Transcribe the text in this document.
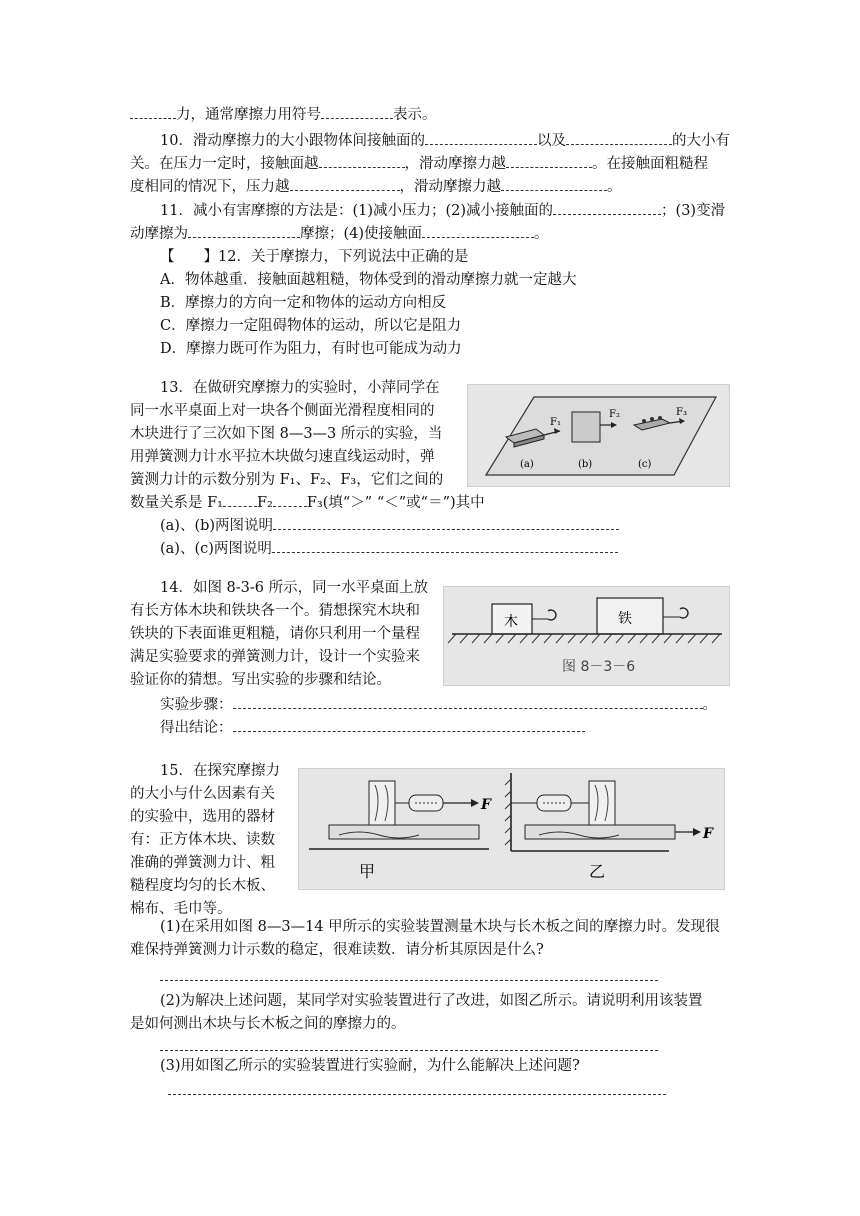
力，通常摩擦力用符号	表示。
10．滑动摩擦力的大小跟物体间接触面的	以及	的大小有
关。在压力一定时，接触面越	，滑动摩擦力越	。在接触面粗糙程
度相同的情况下，压力越	，滑动摩擦力越	。
11．减小有害摩擦的方法是：(1)减小压力；(2)减小接触面的	；(3)变滑
动摩擦为	摩擦；(4)使接触面	。
【　　】12．关于摩擦力，下列说法中正确的是
A．物体越重．接触面越粗糙，物体受到的滑动摩擦力就一定越大
B．摩擦力的方向一定和物体的运动方向相反
C．摩擦力一定阻碍物体的运动，所以它是阻力
D．摩擦力既可作为阻力，有时也可能成为动力
13．在做研究摩擦力的实验时，小萍同学在
同一水平桌面上对一块各个侧面光滑程度相同的
木块进行了三次如下图 8—3—3 所示的实验，当
用弹簧测力计水平拉木块做匀速直线运动时，弹
簧测力计的示数分别为 F₁、F₂、F₃，它们之间的
数量关系是 F₁ F₂ F₃(填“＞” “＜”或“＝”)其中
(a)、(b)两图说明
(a)、(c)两图说明
F₁
F₂	F₃
(a)	(b)	(c)
14．如图 8-3-6 所示，同一水平桌面上放
有长方体木块和铁块各一个。猜想探究木块和
铁块的下表面谁更粗糙，请你只利用一个量程
满足实验要求的弹簧测力计，设计一个实验来
验证你的猜想。写出实验的步骤和结论。
实验步骤：	。
得出结论：
木	铁
图 8－3－6
15．在探究摩擦力
的大小与什么因素有关
的实验中，选用的器材
有：正方体木块、读数
准确的弹簧测力计、粗
糙程度均匀的长木板、
棉布、毛巾等。
F
甲
F
乙
(1)在采用如图 8—3—14 甲所示的实验装置测量木块与长木板之间的摩擦力时。发现很
难保持弹簧测力计示数的稳定，很难读数．请分析其原因是什么?
(2)为解决上述问题，某同学对实验装置进行了改进，如图乙所示。请说明利用该装置
是如何测出木块与长木板之间的摩擦力的。
(3)用如图乙所示的实验装置进行实验耐，为什么能解决上述问题?
